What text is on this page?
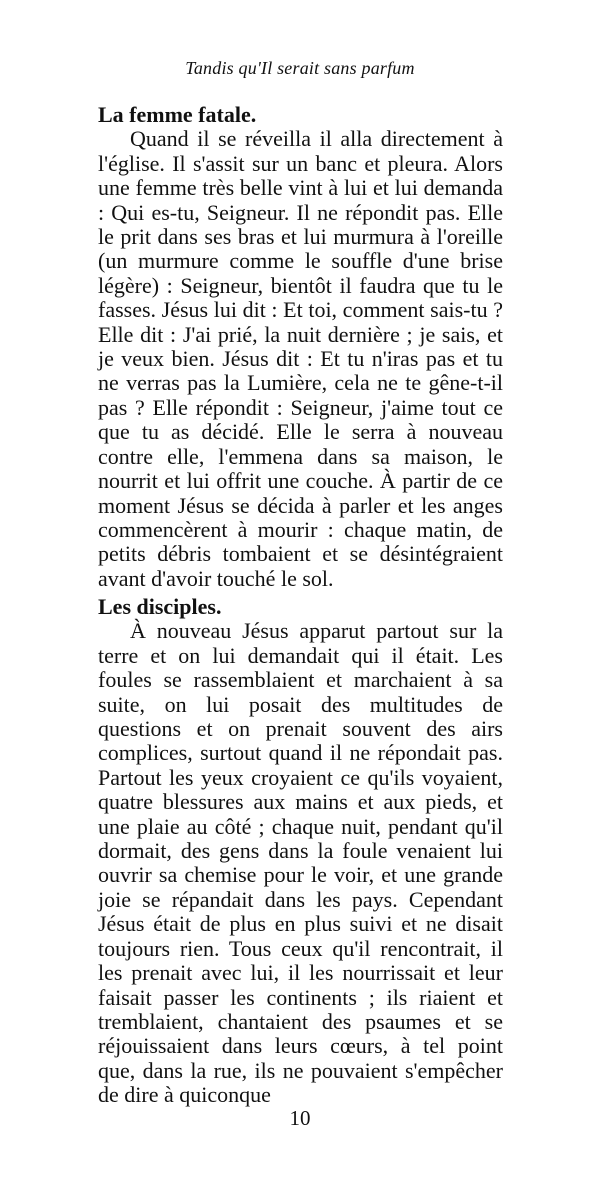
Tandis qu'Il serait sans parfum
La femme fatale.

Quand il se réveilla il alla directement à l'église. Il s'assit sur un banc et pleura. Alors une femme très belle vint à lui et lui demanda : Qui es-tu, Seigneur. Il ne répondit pas. Elle le prit dans ses bras et lui murmura à l'oreille (un murmure comme le souffle d'une brise légère) : Seigneur, bientôt il faudra que tu le fasses. Jésus lui dit : Et toi, comment sais-tu ? Elle dit : J'ai prié, la nuit dernière ; je sais, et je veux bien. Jésus dit : Et tu n'iras pas et tu ne verras pas la Lumière, cela ne te gêne-t-il pas ? Elle répondit : Seigneur, j'aime tout ce que tu as décidé. Elle le serra à nouveau contre elle, l'emmena dans sa maison, le nourrit et lui offrit une couche. À partir de ce moment Jésus se décida à parler et les anges commencèrent à mourir : chaque matin, de petits débris tombaient et se désintégraient avant d'avoir touché le sol.

Les disciples.

À nouveau Jésus apparut partout sur la terre et on lui demandait qui il était. Les foules se rassemblaient et marchaient à sa suite, on lui posait des multitudes de questions et on prenait souvent des airs complices, surtout quand il ne répondait pas. Partout les yeux croyaient ce qu'ils voyaient, quatre blessures aux mains et aux pieds, et une plaie au côté ; chaque nuit, pendant qu'il dormait, des gens dans la foule venaient lui ouvrir sa chemise pour le voir, et une grande joie se répandait dans les pays. Cependant Jésus était de plus en plus suivi et ne disait toujours rien. Tous ceux qu'il rencontrait, il les prenait avec lui, il les nourrissait et leur faisait passer les continents ; ils riaient et tremblaient, chantaient des psaumes et se réjouissaient dans leurs cœurs, à tel point que, dans la rue, ils ne pouvaient s'empêcher de dire à quiconque

10
